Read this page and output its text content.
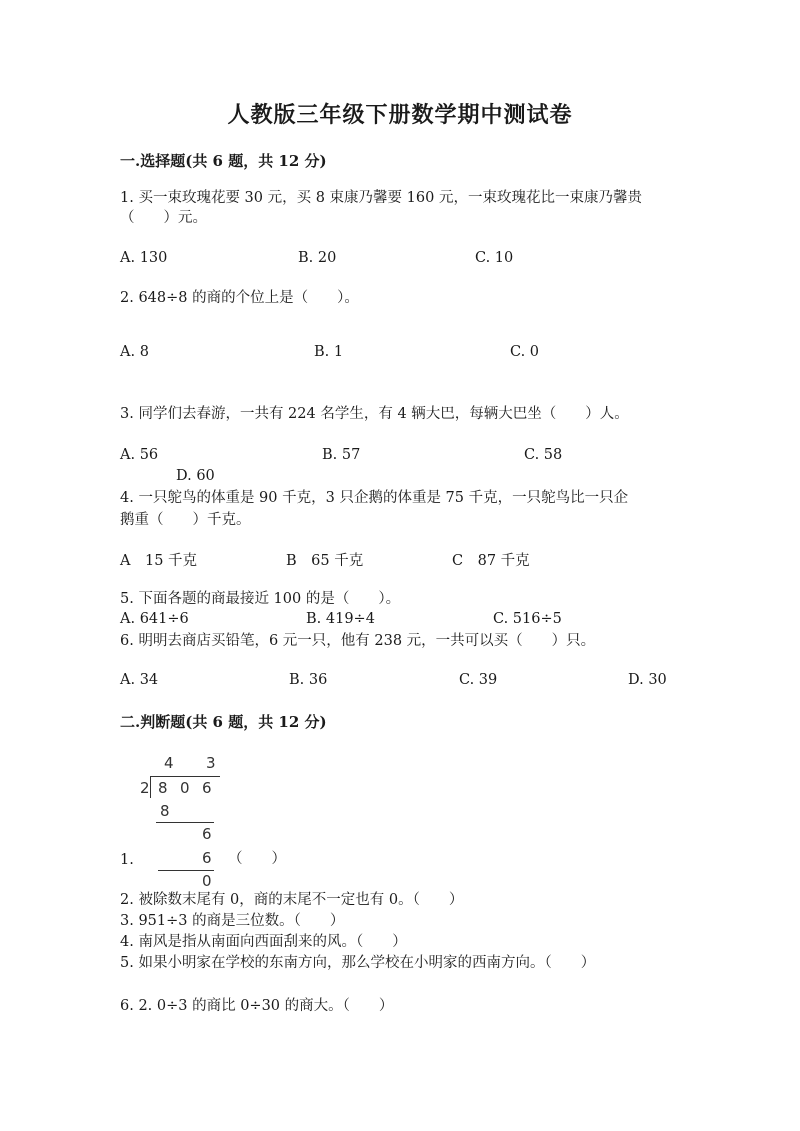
人教版三年级下册数学期中测试卷
一.选择题(共 6 题，共 12 分)
1. 买一束玫瑰花要 30 元，买 8 束康乃馨要 160 元，一束玫瑰花比一束康乃馨贵
（　　）元。
A. 130	B. 20	C. 10
2. 648÷8 的商的个位上是（　　）。
A. 8	B. 1	C. 0
3. 同学们去春游，一共有 224 名学生，有 4 辆大巴，每辆大巴坐（　　）人。
A. 56	B. 57	C. 58
D. 60
4. 一只鸵鸟的体重是 90 千克，3 只企鹅的体重是 75 千克，一只鸵鸟比一只企
鹅重（　　）千克。
A　15 千克	B　65 千克	C　87 千克
5. 下面各题的商最接近 100 的是（　　）。
A. 641÷6	B. 419÷4	C. 516÷5
6. 明明去商店买铅笔，6 元一只，他有 238 元，一共可以买（　　）只。
A. 34	B. 36	C. 39	D. 30
二.判断题(共 6 题，共 12 分)
4 3
2 8 0 6
8
6
6
0
1.	（　　）
2. 被除数末尾有 0，商的末尾不一定也有 0。（　　）
3. 951÷3 的商是三位数。（　　）
4. 南风是指从南面向西面刮来的风。（　　）
5. 如果小明家在学校的东南方向，那么学校在小明家的西南方向。（　　）
6. 2. 0÷3 的商比 0÷30 的商大。（　　）
